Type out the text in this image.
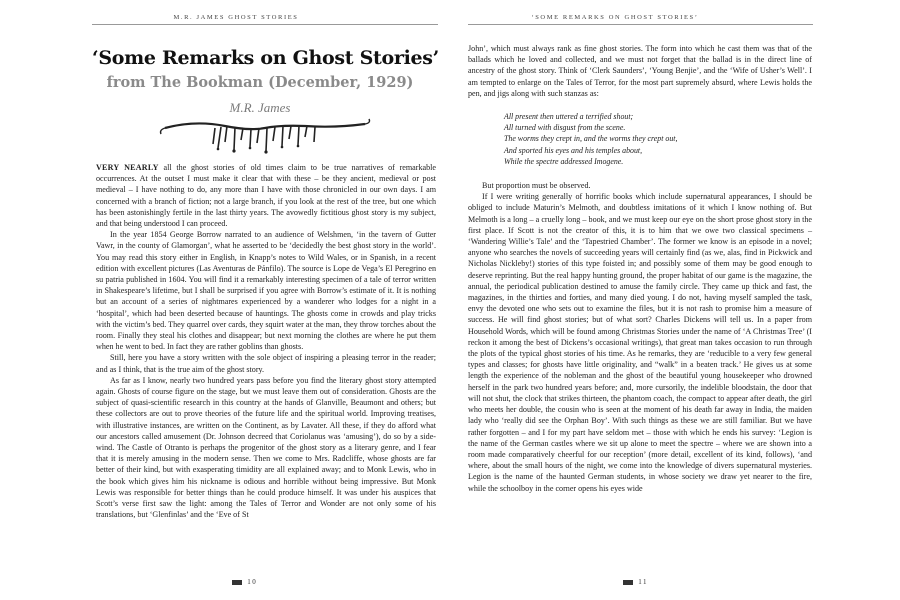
M.R. JAMES GHOST STORIES
‘Some Remarks on Ghost Stories’
from The Bookman (December, 1929)
M.R. James

VERY NEARLY all the ghost stories of old times claim to be true narratives of remarkable occurrences. At the outset I must make it clear that with these – be they ancient, medieval or post medieval – I have nothing to do, any more than I have with those chronicled in our own days. I am concerned with a branch of fiction; not a large branch, if you look at the rest of the tree, but one which has been astonishingly fertile in the last thirty years. The avowedly fictitious ghost story is my subject, and that being understood I can proceed.

In the year 1854 George Borrow narrated to an audience of Welshmen, ‘in the tavern of Gutter Vawr, in the county of Glamorgan’, what he asserted to be ‘decidedly the best ghost story in the world’. You may read this story either in English, in Knapp’s notes to Wild Wales, or in Spanish, in a recent edition with excellent pictures (Las Aventuras de Pánfilo). The source is Lope de Vega’s El Peregrino en su patria published in 1604. You will find it a remarkably interesting specimen of a tale of terror written in Shakespeare’s lifetime, but I shall be surprised if you agree with Borrow’s estimate of it. It is nothing but an account of a series of nightmares experienced by a wanderer who lodges for a night in a ‘hospital’, which had been deserted because of hauntings. The ghosts come in crowds and play tricks with the victim’s bed. They quarrel over cards, they squirt water at the man, they throw torches about the room. Finally they steal his clothes and disappear; but next morning the clothes are where he put them when he went to bed. In fact they are rather goblins than ghosts.

Still, here you have a story written with the sole object of inspiring a pleasing terror in the reader; and as I think, that is the true aim of the ghost story.

As far as I know, nearly two hundred years pass before you find the literary ghost story attempted again. Ghosts of course figure on the stage, but we must leave them out of consideration. Ghosts are the subject of quasi-scientific research in this country at the hands of Glanville, Beaumont and others; but these collectors are out to prove theories of the future life and the spiritual world. Improving treatises, with illustrative instances, are written on the Continent, as by Lavater. All these, if they do afford what our ancestors called amusement (Dr. Johnson decreed that Coriolanus was ‘amusing’), do so by a side-wind. The Castle of Otranto is perhaps the progenitor of the ghost story as a literary genre, and I fear that it is merely amusing in the modern sense. Then we come to Mrs. Radcliffe, whose ghosts are far better of their kind, but with exasperating timidity are all explained away; and to Monk Lewis, who in the book which gives him his nickname is odious and horrible without being impressive. But Monk Lewis was responsible for better things than he could produce himself. It was under his auspices that Scott’s verse first saw the light: among the Tales of Terror and Wonder are not only some of his translations, but ‘Glenfinlas’ and the ‘Eve of St

10
‘SOME REMARKS ON GHOST STORIES’

John’, which must always rank as fine ghost stories. The form into which he cast them was that of the ballads which he loved and collected, and we must not forget that the ballad is in the direct line of ancestry of the ghost story. Think of ‘Clerk Saunders’, ‘Young Benjie’, and the ‘Wife of Usher’s Well’. I am tempted to enlarge on the Tales of Terror, for the most part supremely absurd, where Lewis holds the pen, and jigs along with such stanzas as:

All present then uttered a terrified shout;
All turned with disgust from the scene.
The worms they crept in, and the worms they crept out,
And sported his eyes and his temples about,
While the spectre addressed Imogene.

But proportion must be observed.

If I were writing generally of horrific books which include supernatural appearances, I should be obliged to include Maturin’s Melmoth, and doubtless imitations of it which I know nothing of. But Melmoth is a long – a cruelly long – book, and we must keep our eye on the short prose ghost story in the first place. If Scott is not the creator of this, it is to him that we owe two classical specimens – ‘Wandering Willie’s Tale’ and the ‘Tapestried Chamber’. The former we know is an episode in a novel; anyone who searches the novels of succeeding years will certainly find (as we, alas, find in Pickwick and Nicholas Nickleby!) stories of this type foisted in; and possibly some of them may be good enough to deserve reprinting. But the real happy hunting ground, the proper habitat of our game is the magazine, the annual, the periodical publication destined to amuse the family circle. They came up thick and fast, the magazines, in the thirties and forties, and many died young. I do not, having myself sampled the task, envy the devoted one who sets out to examine the files, but it is not rash to promise him a measure of success. He will find ghost stories; but of what sort? Charles Dickens will tell us. In a paper from Household Words, which will be found among Christmas Stories under the name of ‘A Christmas Tree’ (I reckon it among the best of Dickens’s occasional writings), that great man takes occasion to run through the plots of the typical ghost stories of his time. As he remarks, they are ‘reducible to a very few general types and classes; for ghosts have little originality, and “walk” in a beaten track.’ He gives us at some length the experience of the nobleman and the ghost of the beautiful young housekeeper who drowned herself in the park two hundred years before; and, more cursorily, the indelible bloodstain, the door that will not shut, the clock that strikes thirteen, the phantom coach, the compact to appear after death, the girl who meets her double, the cousin who is seen at the moment of his death far away in India, the maiden lady who ‘really did see the Orphan Boy’. With such things as these we are still familiar. But we have rather forgotten – and I for my part have seldom met – those with which he ends his survey: ‘Legion is the name of the German castles where we sit up alone to meet the spectre – where we are shown into a room made comparatively cheerful for our reception’ (more detail, excellent of its kind, follows), ‘and where, about the small hours of the night, we come into the knowledge of divers supernatural mysteries. Legion is the name of the haunted German students, in whose society we draw yet nearer to the fire, while the schoolboy in the corner opens his eyes wide

11
